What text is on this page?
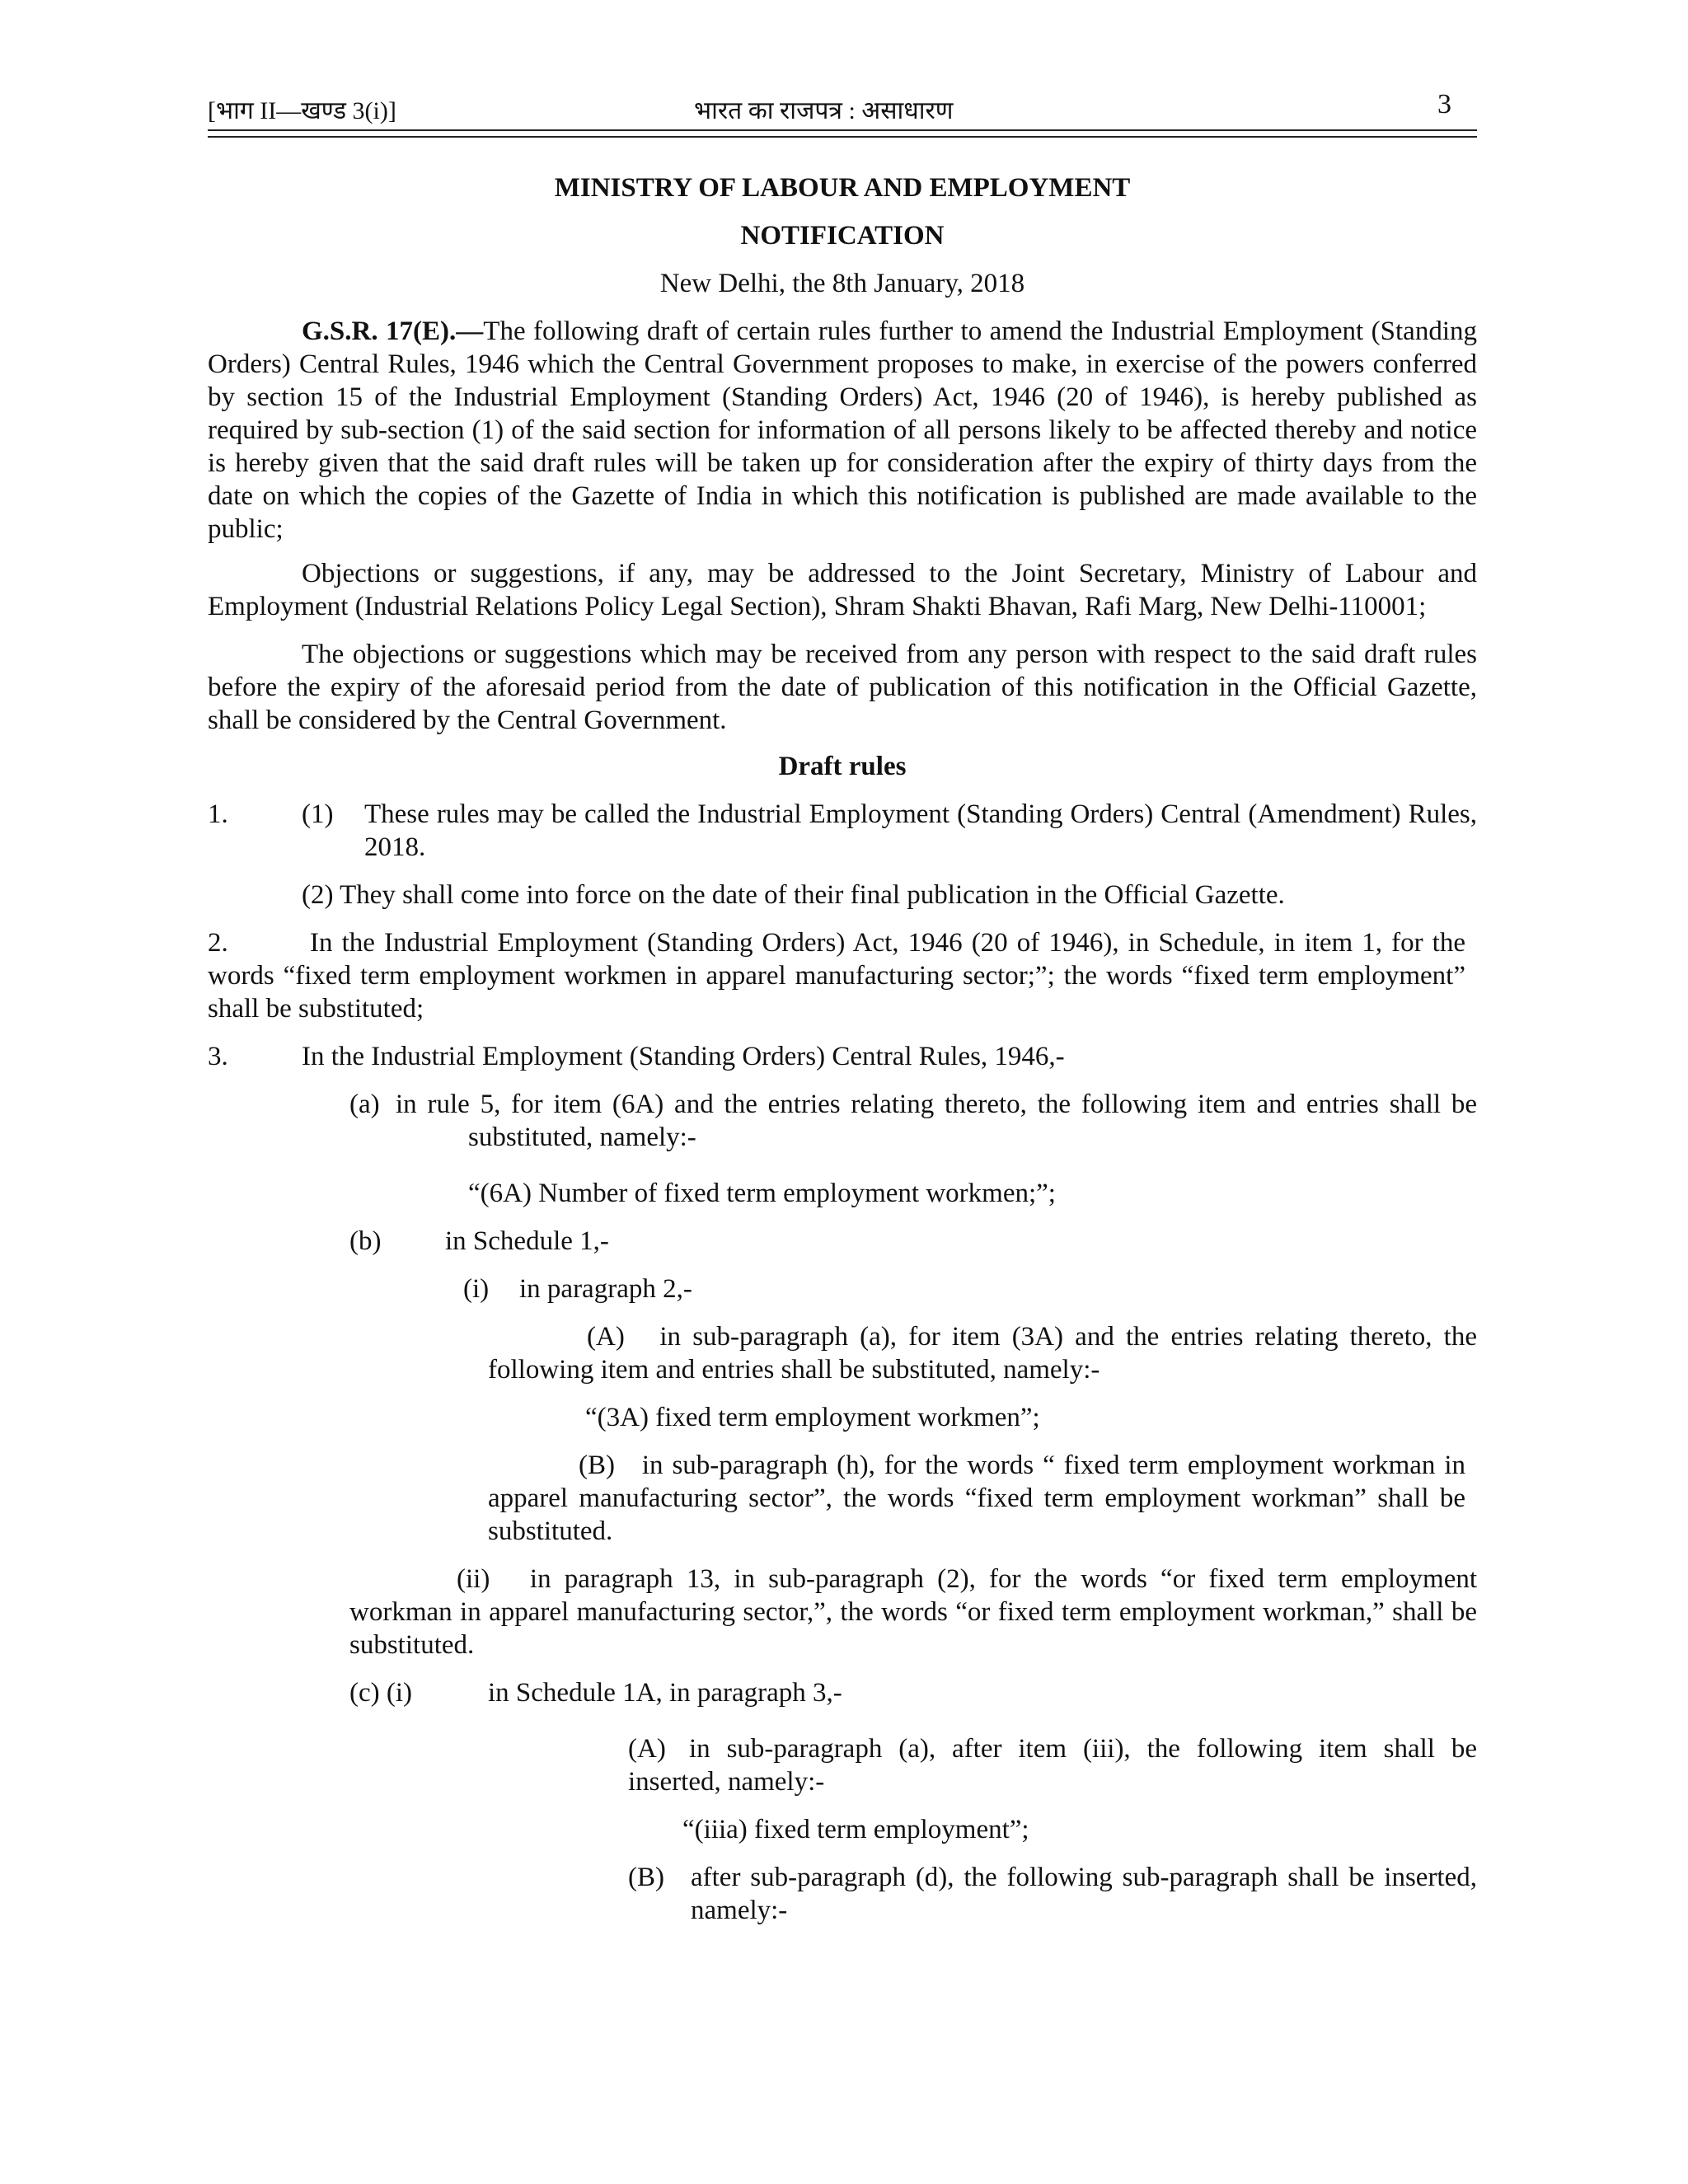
[भाग II—खण्ड 3(i)]	भारत का राजपत्र : असाधारण	3
MINISTRY OF LABOUR AND EMPLOYMENT
NOTIFICATION
New Delhi, the 8th January, 2018
G.S.R. 17(E).—The following draft of certain rules further to amend the Industrial Employment (Standing Orders) Central Rules, 1946 which the Central Government proposes to make, in exercise of the powers conferred by section 15 of the Industrial Employment (Standing Orders) Act, 1946 (20 of 1946), is hereby published as required by sub-section (1) of the said section for information of all persons likely to be affected thereby and notice is hereby given that the said draft rules will be taken up for consideration after the expiry of thirty days from the date on which the copies of the Gazette of India in which this notification is published are made available to the public;
Objections or suggestions, if any, may be addressed to the Joint Secretary, Ministry of Labour and Employment (Industrial Relations Policy Legal Section), Shram Shakti Bhavan, Rafi Marg, New Delhi-110001;
The objections or suggestions which may be received from any person with respect to the said draft rules before the expiry of the aforesaid period from the date of publication of this notification in the Official Gazette, shall be considered by the Central Government.
Draft rules
1.	(1) These rules may be called the Industrial Employment (Standing Orders) Central (Amendment) Rules, 2018.
(2) They shall come into force on the date of their final publication in the Official Gazette.
2.	In the Industrial Employment (Standing Orders) Act, 1946 (20 of 1946), in Schedule, in item 1, for the words “fixed term employment workmen in apparel manufacturing sector;”; the words “fixed term employment” shall be substituted;
3.	In the Industrial Employment (Standing Orders) Central Rules, 1946,-
(a) in rule 5, for item (6A) and the entries relating thereto, the following item and entries shall be substituted, namely:-
“(6A) Number of fixed term employment workmen;”;
(b) in Schedule 1,-
(i) in paragraph 2,-
(A) in sub-paragraph (a), for item (3A) and the entries relating thereto, the following item and entries shall be substituted, namely:-
“(3A) fixed term employment workmen”;
(B) in sub-paragraph (h), for the words “ fixed term employment workman in apparel manufacturing sector”, the words “fixed term employment workman” shall be substituted.
(ii) in paragraph 13, in sub-paragraph (2), for the words “or fixed term employment workman in apparel manufacturing sector,”, the words “or fixed term employment workman,” shall be substituted.
(c) (i)	in Schedule 1A, in paragraph 3,-
(A) in sub-paragraph (a), after item (iii), the following item shall be inserted, namely:-
“(iiia) fixed term employment”;
(B) after sub-paragraph (d), the following sub-paragraph shall be inserted, namely:-
